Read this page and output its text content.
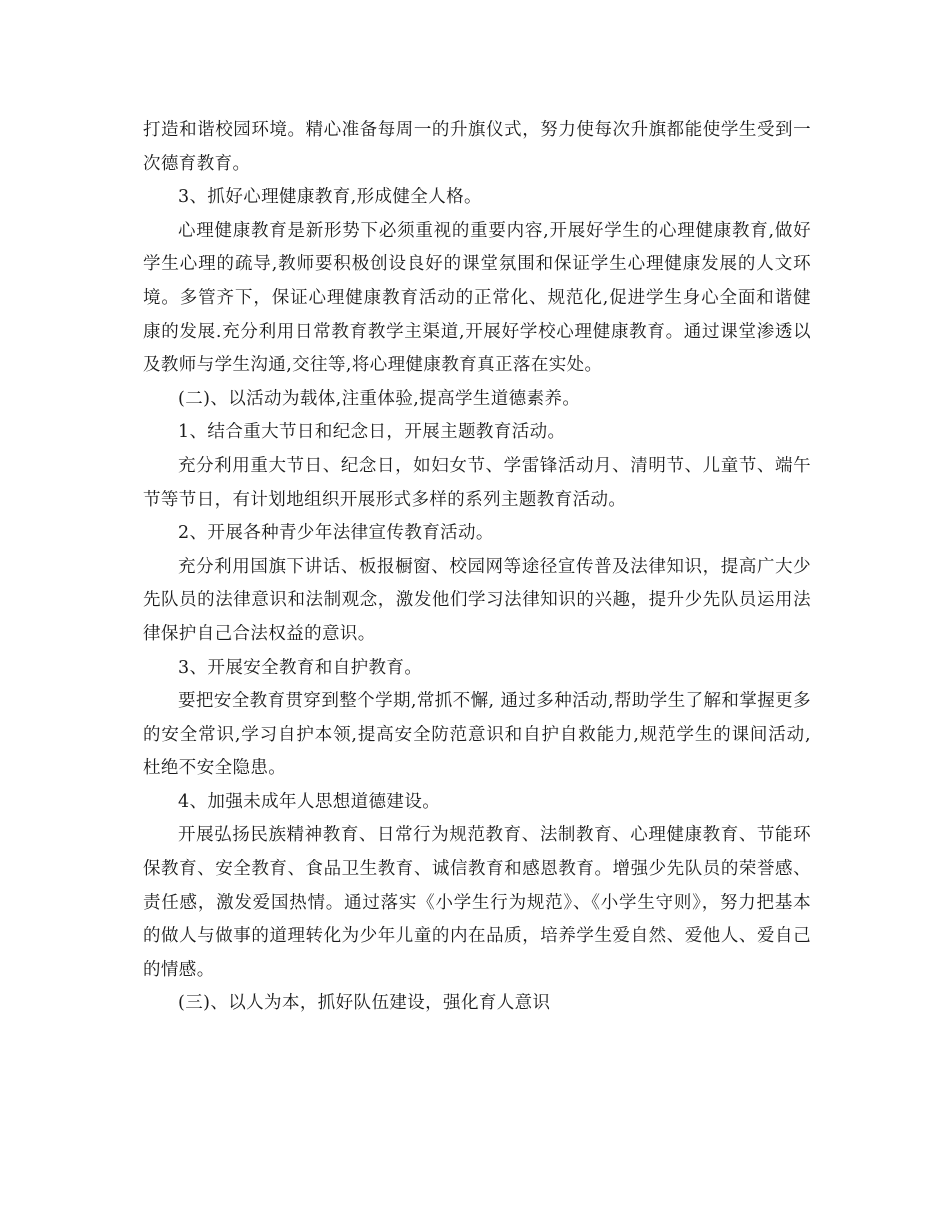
打造和谐校园环境。精心准备每周一的升旗仪式，努力使每次升旗都能使学生受到一次德育教育。

3、抓好心理健康教育,形成健全人格。

心理健康教育是新形势下必须重视的重要内容,开展好学生的心理健康教育,做好学生心理的疏导,教师要积极创设良好的课堂氛围和保证学生心理健康发展的人文环境。多管齐下，保证心理健康教育活动的正常化、规范化,促进学生身心全面和谐健康的发展.充分利用日常教育教学主渠道,开展好学校心理健康教育。通过课堂渗透以及教师与学生沟通,交往等,将心理健康教育真正落在实处。

(二)、以活动为载体,注重体验,提高学生道德素养。

1、结合重大节日和纪念日，开展主题教育活动。

充分利用重大节日、纪念日，如妇女节、学雷锋活动月、清明节、儿童节、端午节等节日，有计划地组织开展形式多样的系列主题教育活动。

2、开展各种青少年法律宣传教育活动。

充分利用国旗下讲话、板报橱窗、校园网等途径宣传普及法律知识，提高广大少先队员的法律意识和法制观念，激发他们学习法律知识的兴趣，提升少先队员运用法律保护自己合法权益的意识。

3、开展安全教育和自护教育。

要把安全教育贯穿到整个学期,常抓不懈, 通过多种活动,帮助学生了解和掌握更多的安全常识,学习自护本领,提高安全防范意识和自护自救能力,规范学生的课间活动,杜绝不安全隐患。

4、加强未成年人思想道德建设。

开展弘扬民族精神教育、日常行为规范教育、法制教育、心理健康教育、节能环保教育、安全教育、食品卫生教育、诚信教育和感恩教育。增强少先队员的荣誉感、责任感，激发爱国热情。通过落实《小学生行为规范》、《小学生守则》，努力把基本的做人与做事的道理转化为少年儿童的内在品质，培养学生爱自然、爱他人、爱自己的情感。

(三)、以人为本，抓好队伍建设，强化育人意识
